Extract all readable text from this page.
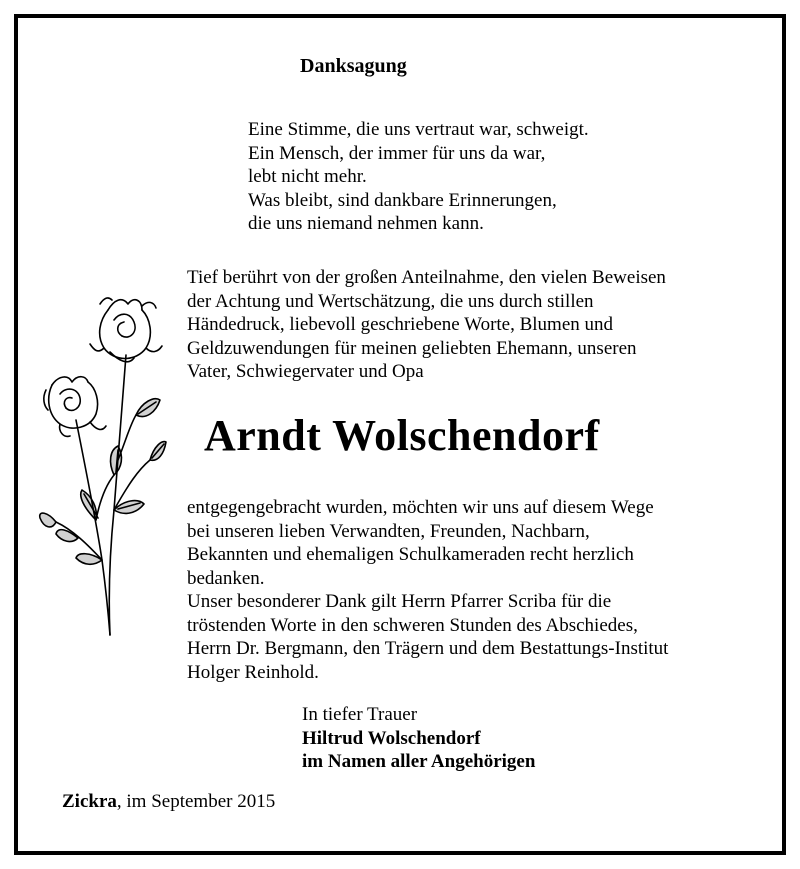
Danksagung
Eine Stimme, die uns vertraut war, schweigt.
Ein Mensch, der immer für uns da war,
lebt nicht mehr.
Was bleibt, sind dankbare Erinnerungen,
die uns niemand nehmen kann.
Tief berührt von der großen Anteilnahme, den vielen Beweisen
der Achtung und Wertschätzung, die uns durch stillen
Händedruck, liebevoll geschriebene Worte, Blumen und
Geldzuwendungen für meinen geliebten Ehemann, unseren
Vater, Schwiegervater und Opa
Arndt Wolschendorf
entgegengebracht wurden, möchten wir uns auf diesem Wege
bei unseren lieben Verwandten, Freunden, Nachbarn,
Bekannten und ehemaligen Schulkameraden recht herzlich
bedanken.
Unser besonderer Dank gilt Herrn Pfarrer Scriba für die
tröstenden Worte in den schweren Stunden des Abschiedes,
Herrn Dr. Bergmann, den Trägern und dem Bestattungs-Institut
Holger Reinhold.
In tiefer Trauer
Hiltrud Wolschendorf
im Namen aller Angehörigen
Zickra, im September 2015
